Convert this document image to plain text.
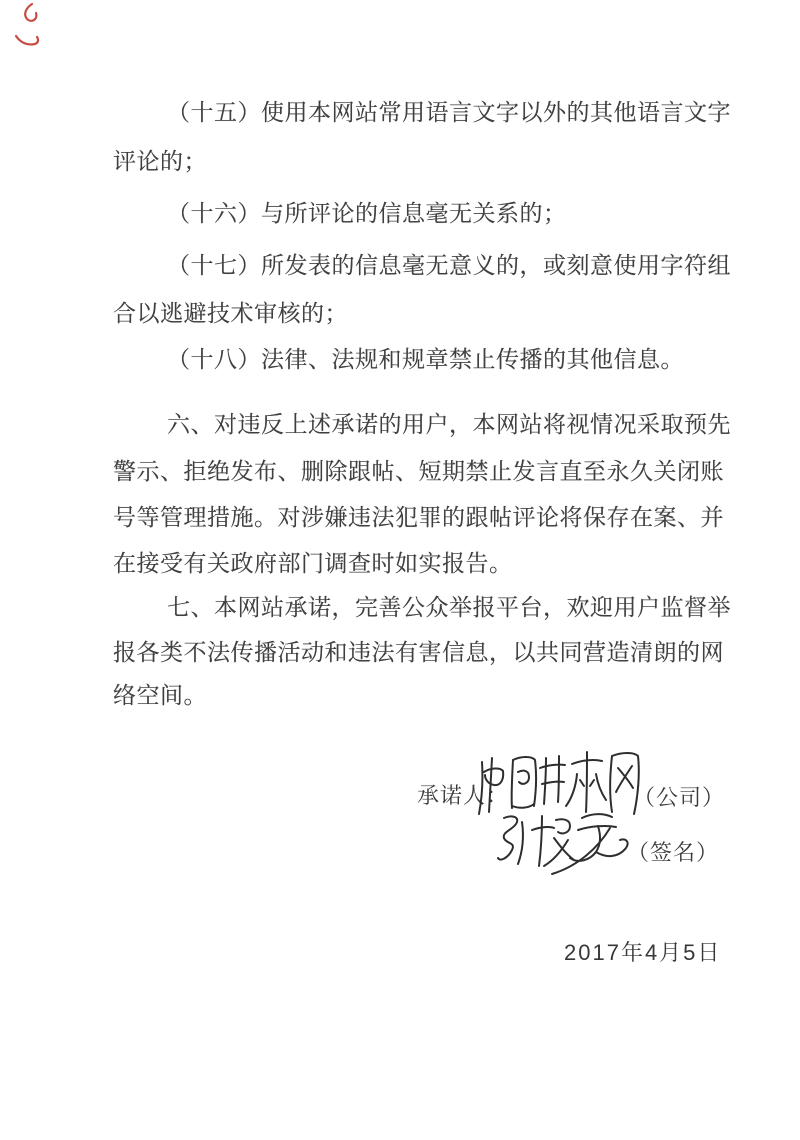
（十五）使用本网站常用语言文字以外的其他语言文字
评论的；
（十六）与所评论的信息毫无关系的；
（十七）所发表的信息毫无意义的，或刻意使用字符组
合以逃避技术审核的；
（十八）法律、法规和规章禁止传播的其他信息。
六、对违反上述承诺的用户，本网站将视情况采取预先
警示、拒绝发布、删除跟帖、短期禁止发言直至永久关闭账
号等管理措施。对涉嫌违法犯罪的跟帖评论将保存在案、并
在接受有关政府部门调查时如实报告。
七、本网站承诺，完善公众举报平台，欢迎用户监督举
报各类不法传播活动和违法有害信息，以共同营造清朗的网
络空间。
承诺人：	（公司）
（签名）
2017年4月5日
